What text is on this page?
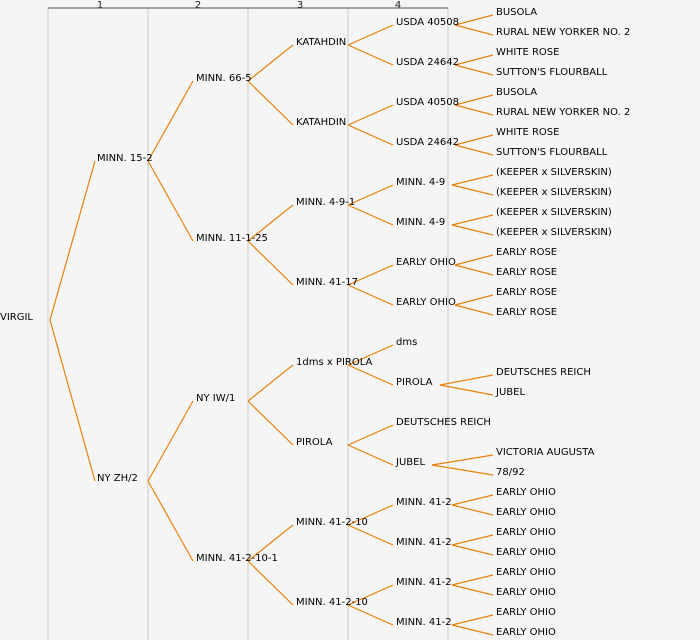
1	2	3	4
VIRGIL
MINN. 15-2
NY ZH/2
MINN. 66-5
MINN. 11-1-25
NY IW/1
MINN. 41-2-10-1
KATAHDIN
KATAHDIN
MINN. 4-9-1
MINN. 41-17
1dms x PIROLA
PIROLA
MINN. 41-2-10
MINN. 41-2-10
USDA 40508
USDA 24642
USDA 40508
USDA 24642
MINN. 4-9
MINN. 4-9
EARLY OHIO
EARLY OHIO
dms
PIROLA
DEUTSCHES REICH
JUBEL
MINN. 41-2
MINN. 41-2
MINN. 41-2
MINN. 41-2
BUSOLA
RURAL NEW YORKER NO. 2
WHITE ROSE
SUTTON'S FLOURBALL
BUSOLA
RURAL NEW YORKER NO. 2
WHITE ROSE
SUTTON'S FLOURBALL
(KEEPER x SILVERSKIN)
(KEEPER x SILVERSKIN)
(KEEPER x SILVERSKIN)
(KEEPER x SILVERSKIN)
EARLY ROSE
EARLY ROSE
EARLY ROSE
EARLY ROSE
DEUTSCHES REICH
JUBEL
VICTORIA AUGUSTA
78/92
EARLY OHIO
EARLY OHIO
EARLY OHIO
EARLY OHIO
EARLY OHIO
EARLY OHIO
EARLY OHIO
EARLY OHIO
